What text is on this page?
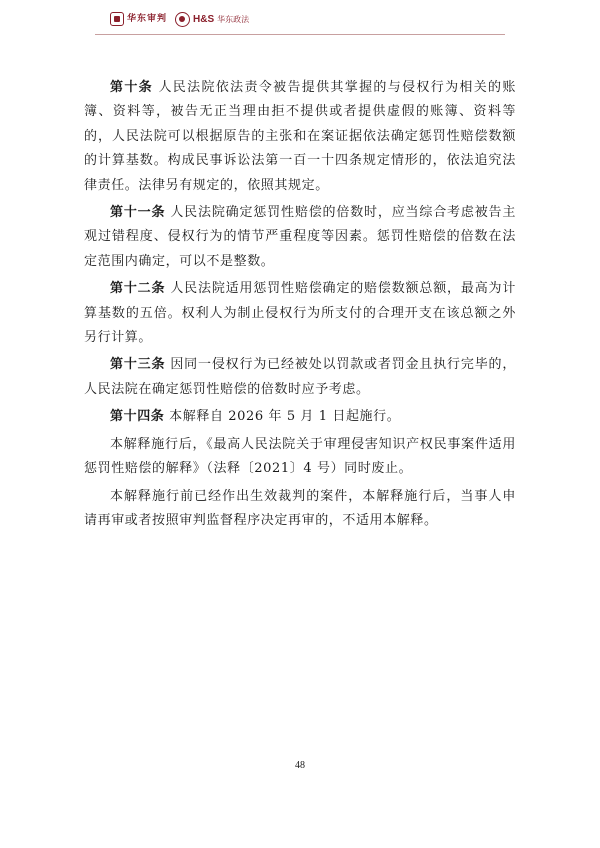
华东审判	H&S 华东政法

第十条 人民法院依法责令被告提供其掌握的与侵权行为相关的账簿、资料等，被告无正当理由拒不提供或者提供虚假的账簿、资料等的，人民法院可以根据原告的主张和在案证据依法确定惩罚性赔偿数额的计算基数。构成民事诉讼法第一百一十四条规定情形的，依法追究法律责任。法律另有规定的，依照其规定。

第十一条 人民法院确定惩罚性赔偿的倍数时，应当综合考虑被告主观过错程度、侵权行为的情节严重程度等因素。惩罚性赔偿的倍数在法定范围内确定，可以不是整数。

第十二条 人民法院适用惩罚性赔偿确定的赔偿数额总额，最高为计算基数的五倍。权利人为制止侵权行为所支付的合理开支在该总额之外另行计算。

第十三条 因同一侵权行为已经被处以罚款或者罚金且执行完毕的，人民法院在确定惩罚性赔偿的倍数时应予考虑。

第十四条 本解释自 2026 年 5 月 1 日起施行。

本解释施行后，《最高人民法院关于审理侵害知识产权民事案件适用惩罚性赔偿的解释》（法释〔2021〕4 号）同时废止。

本解释施行前已经作出生效裁判的案件，本解释施行后，当事人申请再审或者按照审判监督程序决定再审的，不适用本解释。

48
